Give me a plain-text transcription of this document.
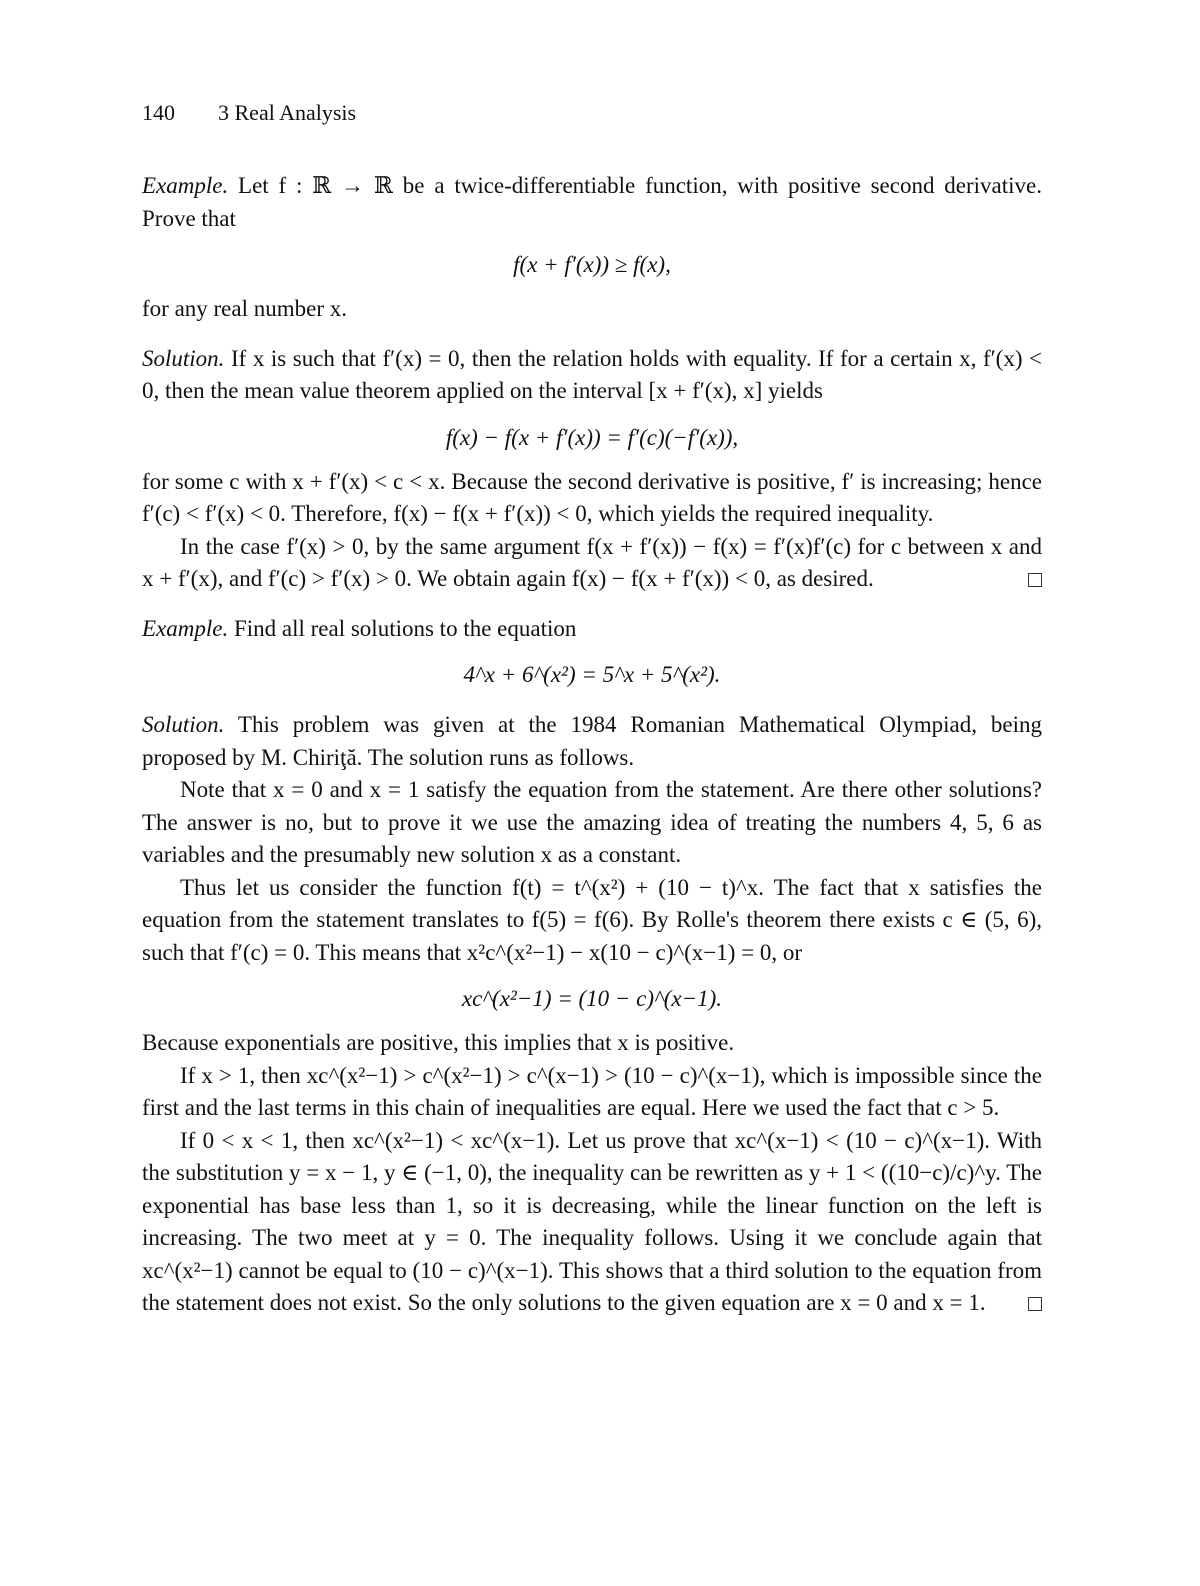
140 3 Real Analysis

Example. Let f : ℝ → ℝ be a twice-differentiable function, with positive second derivative. Prove that

f(x + f′(x)) ≥ f(x),

for any real number x.

Solution. If x is such that f′(x) = 0, then the relation holds with equality. If for a certain x, f′(x) < 0, then the mean value theorem applied on the interval [x + f′(x), x] yields

f(x) − f(x + f′(x)) = f′(c)(−f′(x)),

for some c with x + f′(x) < c < x. Because the second derivative is positive, f′ is increasing; hence f′(c) < f′(x) < 0. Therefore, f(x) − f(x + f′(x)) < 0, which yields the required inequality.

In the case f′(x) > 0, by the same argument f(x + f′(x)) − f(x) = f′(x)f′(c) for c between x and x + f′(x), and f′(c) > f′(x) > 0. We obtain again f(x) − f(x + f′(x)) < 0, as desired.	□

Example. Find all real solutions to the equation

4^x + 6^(x²) = 5^x + 5^(x²).

Solution. This problem was given at the 1984 Romanian Mathematical Olympiad, being proposed by M. Chiriţă. The solution runs as follows.

Note that x = 0 and x = 1 satisfy the equation from the statement. Are there other solutions? The answer is no, but to prove it we use the amazing idea of treating the numbers 4, 5, 6 as variables and the presumably new solution x as a constant.

Thus let us consider the function f(t) = t^(x²) + (10 − t)^x. The fact that x satisfies the equation from the statement translates to f(5) = f(6). By Rolle's theorem there exists c ∈ (5, 6), such that f′(c) = 0. This means that x²c^(x²−1) − x(10 − c)^(x−1) = 0, or

xc^(x²−1) = (10 − c)^(x−1).

Because exponentials are positive, this implies that x is positive.

If x > 1, then xc^(x²−1) > c^(x²−1) > c^(x−1) > (10 − c)^(x−1), which is impossible since the first and the last terms in this chain of inequalities are equal. Here we used the fact that c > 5.

If 0 < x < 1, then xc^(x²−1) < xc^(x−1). Let us prove that xc^(x−1) < (10 − c)^(x−1). With the substitution y = x − 1, y ∈ (−1, 0), the inequality can be rewritten as y + 1 < ((10−c)/c)^y. The exponential has base less than 1, so it is decreasing, while the linear function on the left is increasing. The two meet at y = 0. The inequality follows. Using it we conclude again that xc^(x²−1) cannot be equal to (10 − c)^(x−1). This shows that a third solution to the equation from the statement does not exist. So the only solutions to the given equation are x = 0 and x = 1.	□
